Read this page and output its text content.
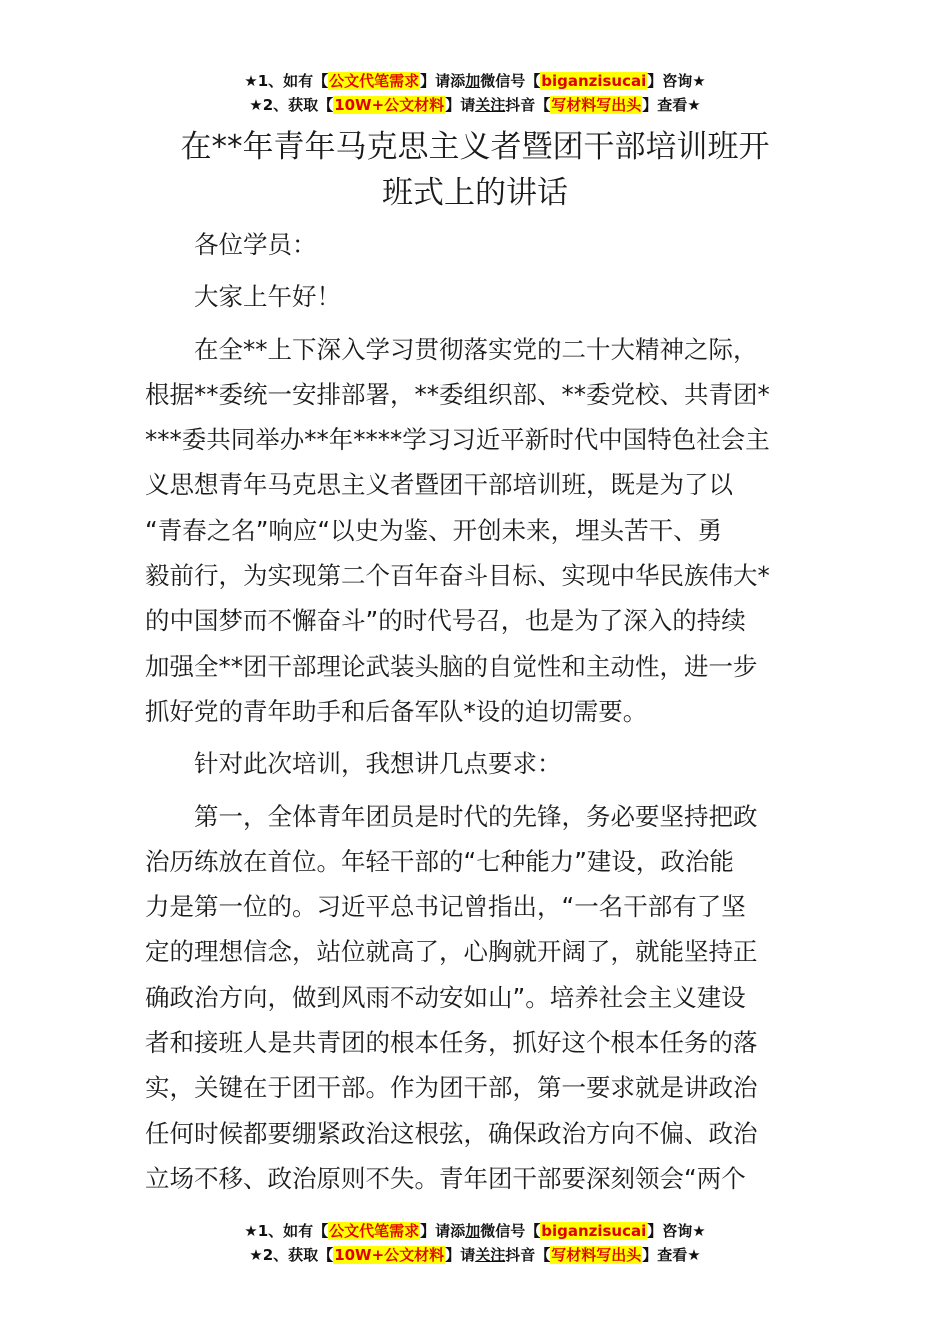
★1、如有【公文代笔需求】请添加微信号【biganzisucai】咨询★
★2、获取【10W+公文材料】请关注抖音【写材料写出头】查看★
在**年青年马克思主义者暨团干部培训班开
班式上的讲话

各位学员：

大家上午好！

在全**上下深入学习贯彻落实党的二十大精神之际，
根据**委统一安排部署，**委组织部、**委党校、共青团*
***委共同举办**年****学习习近平新时代中国特色社会主
义思想青年马克思主义者暨团干部培训班，既是为了以
“青春之名”响应“以史为鉴、开创未来，埋头苦干、勇
毅前行，为实现第二个百年奋斗目标、实现中华民族伟大*
的中国梦而不懈奋斗”的时代号召，也是为了深入的持续
加强全**团干部理论武装头脑的自觉性和主动性，进一步
抓好党的青年助手和后备军队*设的迫切需要。

针对此次培训，我想讲几点要求：

第一，全体青年团员是时代的先锋，务必要坚持把政
治历练放在首位。年轻干部的“七种能力”建设，政治能
力是第一位的。习近平总书记曾指出，“一名干部有了坚
定的理想信念，站位就高了，心胸就开阔了，就能坚持正
确政治方向，做到风雨不动安如山”。培养社会主义建设
者和接班人是共青团的根本任务，抓好这个根本任务的落
实，关键在于团干部。作为团干部，第一要求就是讲政治
任何时候都要绷紧政治这根弦，确保政治方向不偏、政治
立场不移、政治原则不失。青年团干部要深刻领会“两个

★1、如有【公文代笔需求】请添加微信号【biganzisucai】咨询★
★2、获取【10W+公文材料】请关注抖音【写材料写出头】查看★
